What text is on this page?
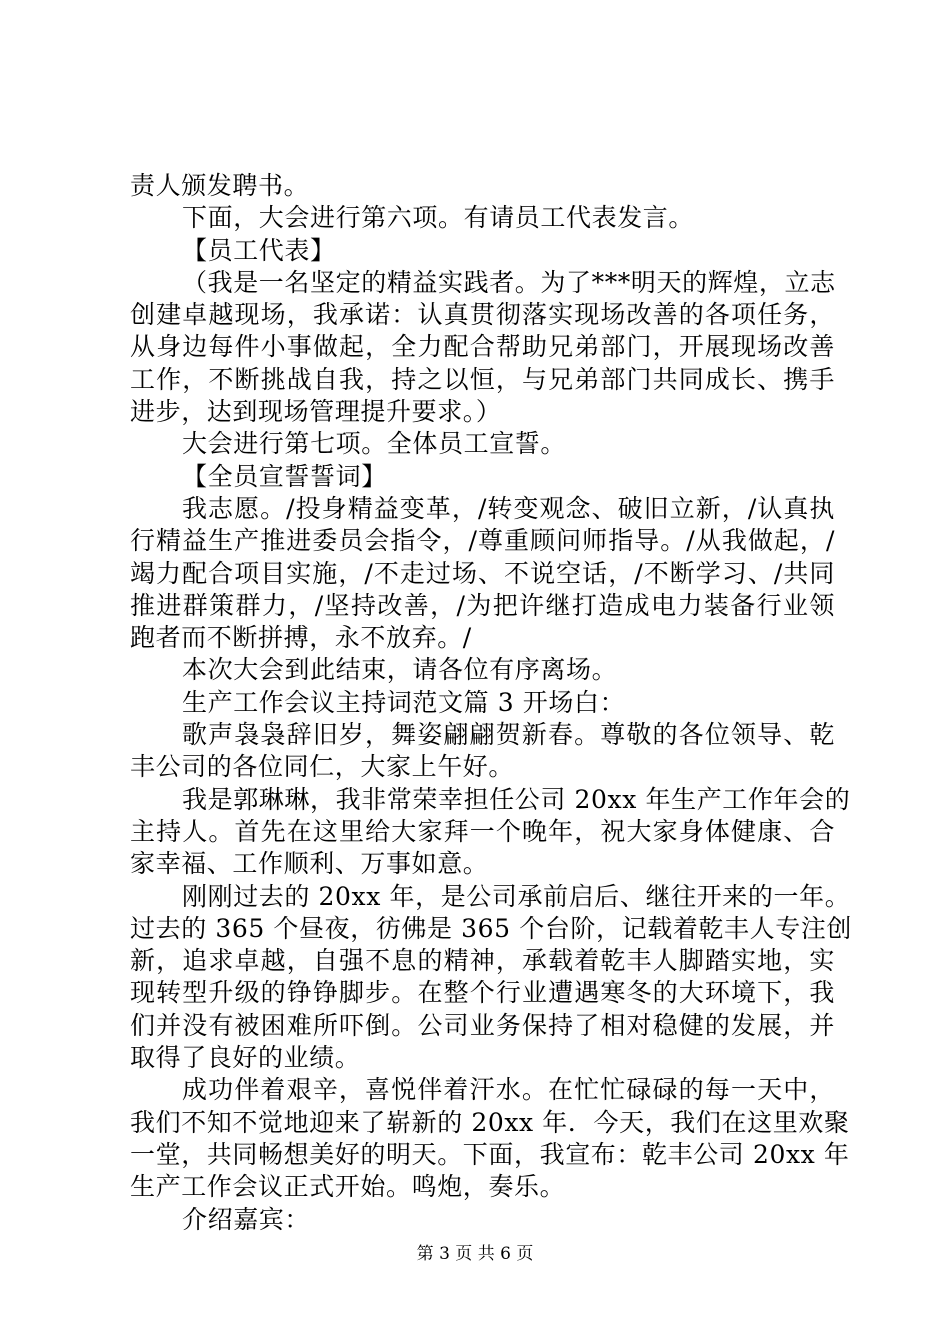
责人颁发聘书。
下面，大会进行第六项。有请员工代表发言。
【员工代表】
（我是一名坚定的精益实践者。为了***明天的辉煌，立志
创建卓越现场，我承诺：认真贯彻落实现场改善的各项任务，
从身边每件小事做起，全力配合帮助兄弟部门，开展现场改善
工作，不断挑战自我，持之以恒，与兄弟部门共同成长、携手
进步，达到现场管理提升要求。）
大会进行第七项。全体员工宣誓。
【全员宣誓誓词】
我志愿。/投身精益变革，/转变观念、破旧立新，/认真执
行精益生产推进委员会指令，/尊重顾问师指导。/从我做起，/
竭力配合项目实施，/不走过场、不说空话，/不断学习、/共同
推进群策群力，/坚持改善，/为把许继打造成电力装备行业领
跑者而不断拼搏，永不放弃。/
本次大会到此结束，请各位有序离场。
生产工作会议主持词范文篇 3 开场白：
歌声袅袅辞旧岁，舞姿翩翩贺新春。尊敬的各位领导、乾
丰公司的各位同仁，大家上午好。
我是郭琳琳，我非常荣幸担任公司 20xx 年生产工作年会的
主持人。首先在这里给大家拜一个晚年，祝大家身体健康、合
家幸福、工作顺利、万事如意。
刚刚过去的 20xx 年，是公司承前启后、继往开来的一年。
过去的 365 个昼夜，彷佛是 365 个台阶，记载着乾丰人专注创
新，追求卓越，自强不息的精神，承载着乾丰人脚踏实地，实
现转型升级的铮铮脚步。在整个行业遭遇寒冬的大环境下，我
们并没有被困难所吓倒。公司业务保持了相对稳健的发展，并
取得了良好的业绩。
成功伴着艰辛，喜悦伴着汗水。在忙忙碌碌的每一天中，
我们不知不觉地迎来了崭新的 20xx 年．今天，我们在这里欢聚
一堂，共同畅想美好的明天。下面，我宣布：乾丰公司 20xx 年
生产工作会议正式开始。鸣炮，奏乐。
介绍嘉宾：
第 3 页 共 6 页
